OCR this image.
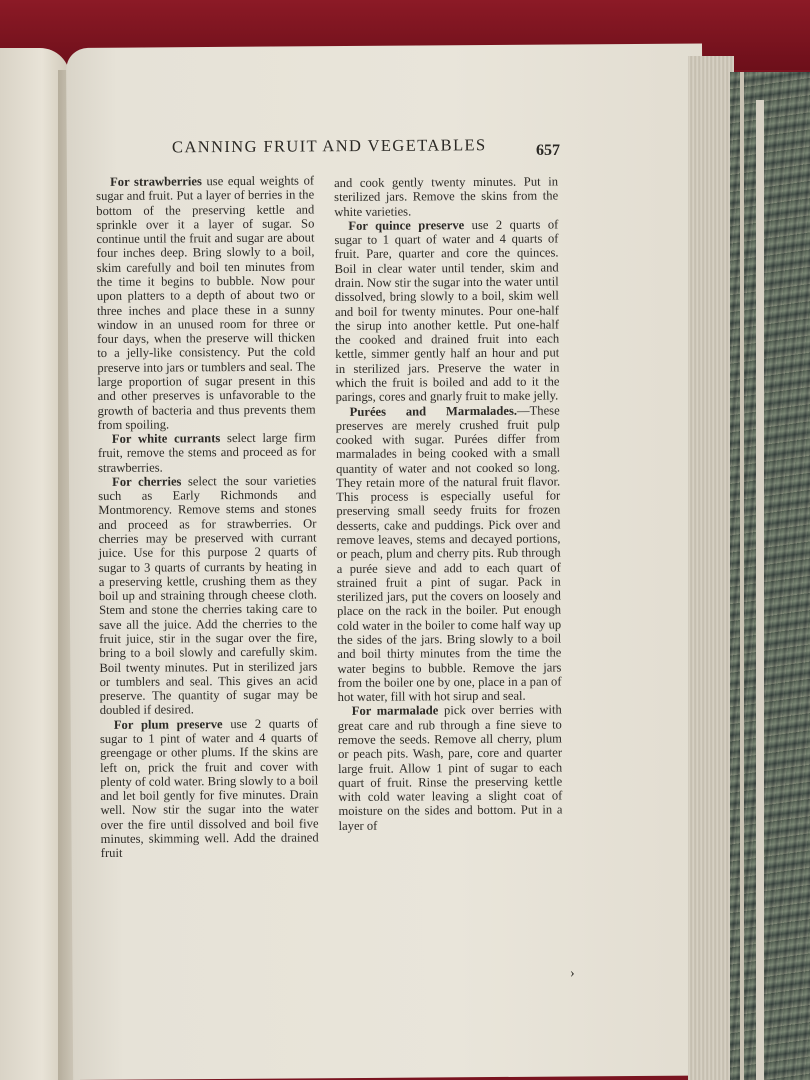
CANNING FRUIT AND VEGETABLES	657

For strawberries use equal weights of sugar and fruit. Put a layer of berries in the bottom of the preserving kettle and sprinkle over it a layer of sugar. So continue until the fruit and sugar are about four inches deep. Bring slowly to a boil, skim carefully and boil ten minutes from the time it begins to bubble. Now pour upon platters to a depth of about two or three inches and place these in a sunny window in an unused room for three or four days, when the preserve will thicken to a jelly-like consistency. Put the cold preserve into jars or tumblers and seal. The large proportion of sugar present in this and other preserves is unfavorable to the growth of bacteria and thus prevents them from spoiling.

For white currants select large firm fruit, remove the stems and proceed as for strawberries.

For cherries select the sour varieties such as Early Richmonds and Montmorency. Remove stems and stones and proceed as for strawberries. Or cherries may be preserved with currant juice. Use for this purpose 2 quarts of sugar to 3 quarts of currants by heating in a preserving kettle, crushing them as they boil up and straining through cheese cloth. Stem and stone the cherries taking care to save all the juice. Add the cherries to the fruit juice, stir in the sugar over the fire, bring to a boil slowly and carefully skim. Boil twenty minutes. Put in sterilized jars or tumblers and seal. This gives an acid preserve. The quantity of sugar may be doubled if desired.

For plum preserve use 2 quarts of sugar to 1 pint of water and 4 quarts of greengage or other plums. If the skins are left on, prick the fruit and cover with plenty of cold water. Bring slowly to a boil and let boil gently for five minutes. Drain well. Now stir the sugar into the water over the fire until dissolved and boil five minutes, skimming well. Add the drained fruit

and cook gently twenty minutes. Put in sterilized jars. Remove the skins from the white varieties.

For quince preserve use 2 quarts of sugar to 1 quart of water and 4 quarts of fruit. Pare, quarter and core the quinces. Boil in clear water until tender, skim and drain. Now stir the sugar into the water until dissolved, bring slowly to a boil, skim well and boil for twenty minutes. Pour one-half the sirup into another kettle. Put one-half the cooked and drained fruit into each kettle, simmer gently half an hour and put in sterilized jars. Preserve the water in which the fruit is boiled and add to it the parings, cores and gnarly fruit to make jelly.

Purées and Marmalades.—These preserves are merely crushed fruit pulp cooked with sugar. Purées differ from marmalades in being cooked with a small quantity of water and not cooked so long. They retain more of the natural fruit flavor. This process is especially useful for preserving small seedy fruits for frozen desserts, cake and puddings. Pick over and remove leaves, stems and decayed portions, or peach, plum and cherry pits. Rub through a purée sieve and add to each quart of strained fruit a pint of sugar. Pack in sterilized jars, put the covers on loosely and place on the rack in the boiler. Put enough cold water in the boiler to come half way up the sides of the jars. Bring slowly to a boil and boil thirty minutes from the time the water begins to bubble. Remove the jars from the boiler one by one, place in a pan of hot water, fill with hot sirup and seal.

For marmalade pick over berries with great care and rub through a fine sieve to remove the seeds. Remove all cherry, plum or peach pits. Wash, pare, core and quarter large fruit. Allow 1 pint of sugar to each quart of fruit. Rinse the preserving kettle with cold water leaving a slight coat of moisture on the sides and bottom. Put in a layer of

›
